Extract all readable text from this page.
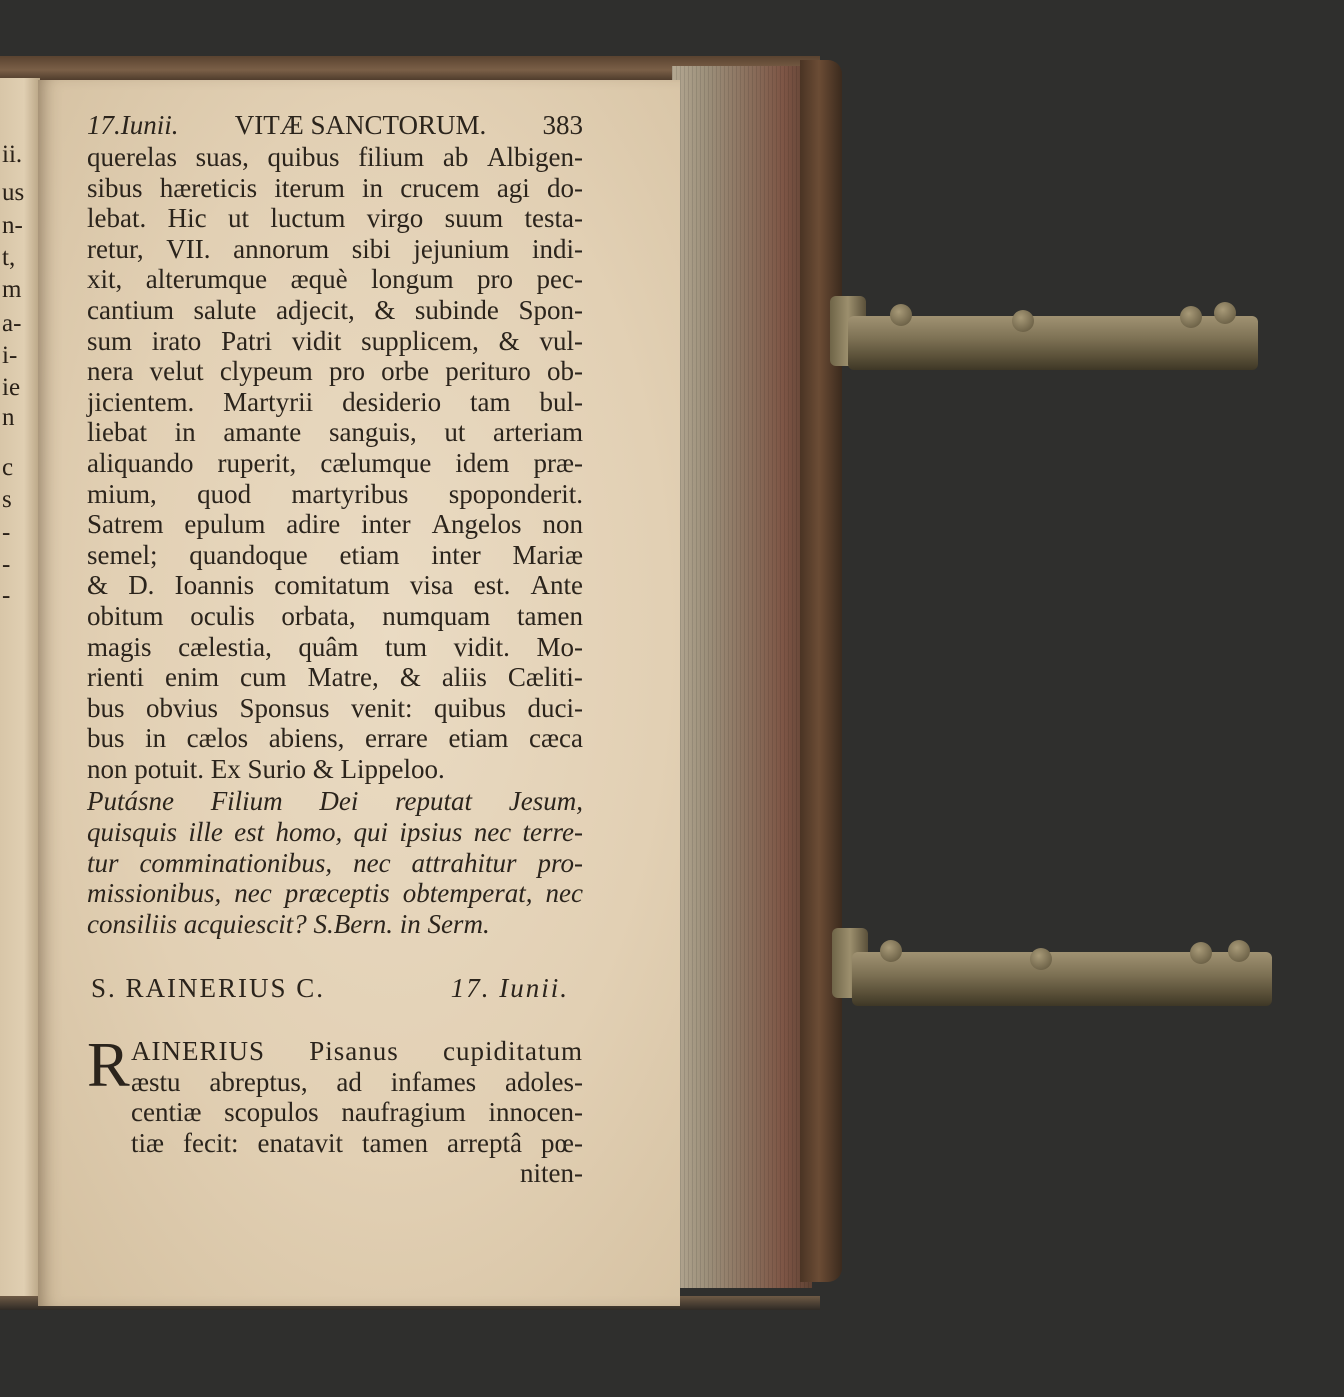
ii.
us
n-
t,
m
a-
i-
ie
n
c
s
-
-
-
17.Iunii. VITÆ SANCTORUM. 383
querelas suas, quibus filium ab Albigen-
sibus hæreticis iterum in crucem agi do-
lebat. Hic ut luctum virgo suum testa-
retur, VII. annorum sibi jejunium indi-
xit, alterumque æquè longum pro pec-
cantium salute adjecit, & subinde Spon-
sum irato Patri vidit supplicem, & vul-
nera velut clypeum pro orbe perituro ob-
jicientem. Martyrii desiderio tam bul-
liebat in amante sanguis, ut arteriam
aliquando ruperit, cælumque idem præ-
mium, quod martyribus spoponderit.
Satrem epulum adire inter Angelos non
semel; quandoque etiam inter Mariæ
& D. Ioannis comitatum visa est. Ante
obitum oculis orbata, numquam tamen
magis cælestia, quâm tum vidit. Mo-
rienti enim cum Matre, & aliis Cæliti-
bus obvius Sponsus venit: quibus duci-
bus in cælos abiens, errare etiam cæca
non potuit. Ex Surio & Lippeloo.
Putásne Filium Dei reputat Jesum,
quisquis ille est homo, qui ipsius nec terre-
tur comminationibus, nec attrahitur pro-
missionibus, nec præceptis obtemperat, nec
consiliis acquiescit? S.Bern. in Serm.
S. RAINERIUS C.	17. Iunii.
R AINERIUS Pisanus cupiditatum
æstu abreptus, ad infames adoles-
centiæ scopulos naufragium innocen-
tiæ fecit: enatavit tamen arreptâ pœ-
niten-
